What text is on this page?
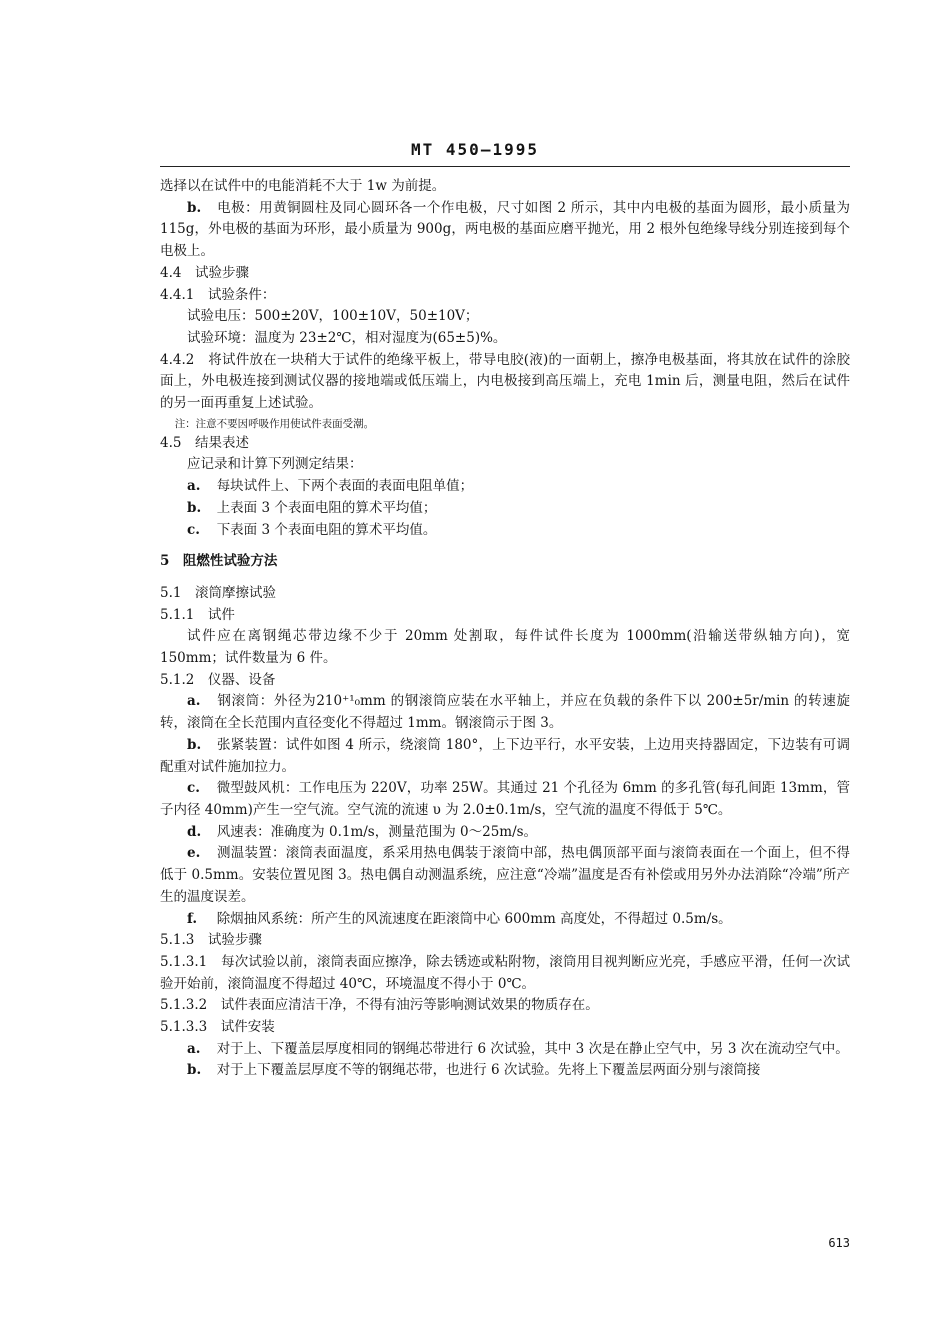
MT 450—1995

选择以在试件中的电能消耗不大于 1w 为前提。

b. 电极：用黄铜圆柱及同心圆环各一个作电极，尺寸如图 2 所示，其中内电极的基面为圆形，最小质量为 115g，外电极的基面为环形，最小质量为 900g，两电极的基面应磨平抛光，用 2 根外包绝缘导线分别连接到每个电极上。

4.4　试验步骤

4.4.1　试验条件：

试验电压：500±20V，100±10V，50±10V；

试验环境：温度为 23±2℃，相对湿度为(65±5)%。

4.4.2　将试件放在一块稍大于试件的绝缘平板上，带导电胶(液)的一面朝上，擦净电极基面，将其放在试件的涂胶面上，外电极连接到测试仪器的接地端或低压端上，内电极接到高压端上，充电 1min 后，测量电阻，然后在试件的另一面再重复上述试验。

注：注意不要因呼吸作用使试件表面受潮。

4.5　结果表述

应记录和计算下列测定结果：

a. 每块试件上、下两个表面的表面电阻单值；

b. 上表面 3 个表面电阻的算术平均值；

c. 下表面 3 个表面电阻的算术平均值。

5　阻燃性试验方法

5.1　滚筒摩擦试验

5.1.1　试件

试件应在离钢绳芯带边缘不少于 20mm 处割取，每件试件长度为 1000mm(沿输送带纵轴方向)，宽 150mm；试件数量为 6 件。

5.1.2　仪器、设备

a. 钢滚筒：外径为210⁺¹₀mm 的钢滚筒应装在水平轴上，并应在负载的条件下以 200±5r/min 的转速旋转，滚筒在全长范围内直径变化不得超过 1mm。钢滚筒示于图 3。

b. 张紧装置：试件如图 4 所示，绕滚筒 180°，上下边平行，水平安装，上边用夹持器固定，下边装有可调配重对试件施加拉力。

c. 微型鼓风机：工作电压为 220V，功率 25W。其通过 21 个孔径为 6mm 的多孔管(每孔间距 13mm，管子内径 40mm)产生一空气流。空气流的流速 υ 为 2.0±0.1m/s，空气流的温度不得低于 5℃。

d. 风速表：准确度为 0.1m/s，测量范围为 0～25m/s。

e. 测温装置：滚筒表面温度，系采用热电偶装于滚筒中部，热电偶顶部平面与滚筒表面在一个面上，但不得低于 0.5mm。安装位置见图 3。热电偶自动测温系统，应注意“冷端”温度是否有补偿或用另外办法消除“冷端”所产生的温度误差。

f. 除烟抽风系统：所产生的风流速度在距滚筒中心 600mm 高度处，不得超过 0.5m/s。

5.1.3　试验步骤

5.1.3.1　每次试验以前，滚筒表面应擦净，除去锈迹或粘附物，滚筒用目视判断应光亮，手感应平滑，任何一次试验开始前，滚筒温度不得超过 40℃，环境温度不得小于 0℃。

5.1.3.2　试件表面应清洁干净，不得有油污等影响测试效果的物质存在。

5.1.3.3　试件安装

a. 对于上、下覆盖层厚度相同的钢绳芯带进行 6 次试验，其中 3 次是在静止空气中，另 3 次在流动空气中。

b. 对于上下覆盖层厚度不等的钢绳芯带，也进行 6 次试验。先将上下覆盖层两面分别与滚筒接

613
